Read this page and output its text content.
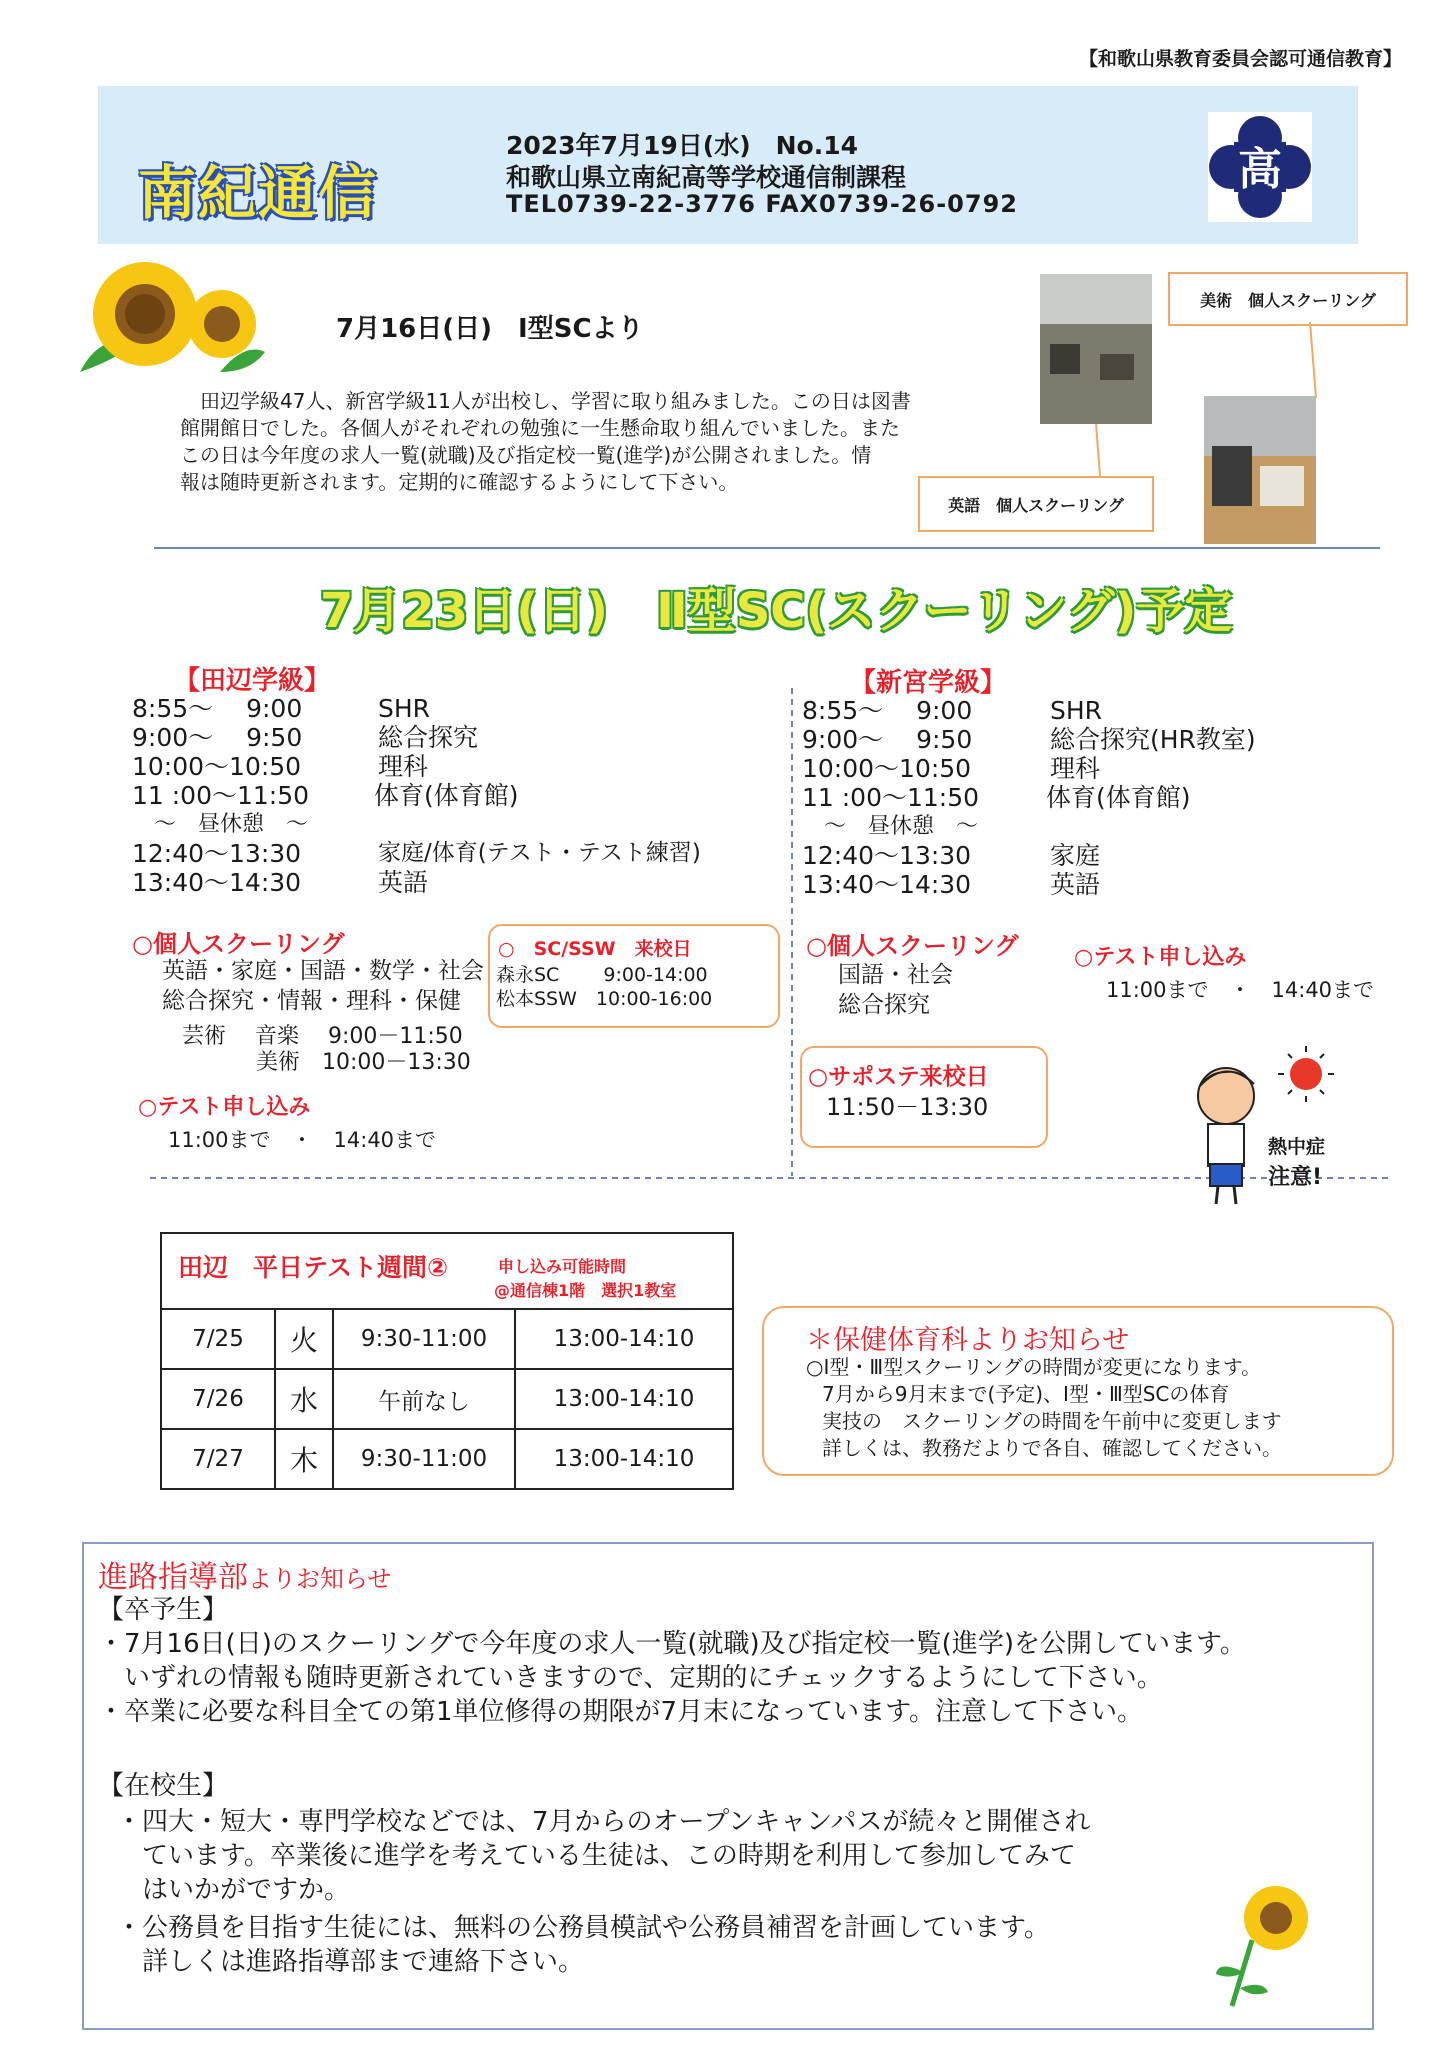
【和歌山県教育委員会認可通信教育】
南紀通信
2023年7月19日(水)　No.14
和歌山県立南紀高等学校通信制課程
TEL0739-22-3776 FAX0739-26-0792
高
7月16日(日)　Ⅰ型SCより
　田辺学級47人、新宮学級11人が出校し、学習に取り組みました。この日は図書
館開館日でした。各個人がそれぞれの勉強に一生懸命取り組んでいました。また
この日は今年度の求人一覧(就職)及び指定校一覧(進学)が公開されました。情
報は随時更新されます。定期的に確認するようにして下さい。
美術　個人スクーリング
英語　個人スクーリング
7月23日(日)　Ⅱ型SC(スクーリング)予定
【田辺学級】
8:55～　 9:00	SHR
9:00～　 9:50	総合探究
10:00～10:50	理科
11 :00～11:50	体育(体育館)
　～　昼休憩　～
12:40～13:30	家庭/体育(テスト・テスト練習)
13:40～14:30	英語
○個人スクーリング
英語・家庭・国語・数学・社会
総合探究・情報・理科・保健
芸術　 音楽　 9:00－11:50
美術　10:00－13:30
○テスト申し込み
11:00まで　・　14:40まで
○　SC/SSW　来校日
森永SC　　 9:00-14:00
松本SSW　10:00-16:00
【新宮学級】
8:55～　 9:00	SHR
9:00～　 9:50	総合探究(HR教室)
10:00～10:50	理科
11 :00～11:50	体育(体育館)
　～　昼休憩　～
12:40～13:30	家庭
13:40～14:30	英語
○個人スクーリング
国語・社会
総合探究
○テスト申し込み
11:00まで　・　14:40まで
○サポステ来校日
11:50－13:30
熱中症
注意!
田辺　平日テスト週間②	申し込み可能時間
@通信棟1階　選択1教室
7/25	火	9:30-11:00	13:00-14:10
7/26	水	午前なし	13:00-14:10
7/27	木	9:30-11:00	13:00-14:10
＊保健体育科よりお知らせ
○Ⅰ型・Ⅲ型スクーリングの時間が変更になります。
7月から9月末まで(予定)、Ⅰ型・Ⅲ型SCの体育
実技の　スクーリングの時間を午前中に変更します
詳しくは、教務だよりで各自、確認してください。
進路指導部よりお知らせ
【卒予生】
・7月16日(日)のスクーリングで今年度の求人一覧(就職)及び指定校一覧(進学)を公開しています。
　いずれの情報も随時更新されていきますので、定期的にチェックするようにして下さい。
・卒業に必要な科目全ての第1単位修得の期限が7月末になっています。注意して下さい。
【在校生】
・四大・短大・専門学校などでは、7月からのオープンキャンパスが続々と開催され
　ています。卒業後に進学を考えている生徒は、この時期を利用して参加してみて
　はいかがですか。
・公務員を目指す生徒には、無料の公務員模試や公務員補習を計画しています。
　詳しくは進路指導部まで連絡下さい。
